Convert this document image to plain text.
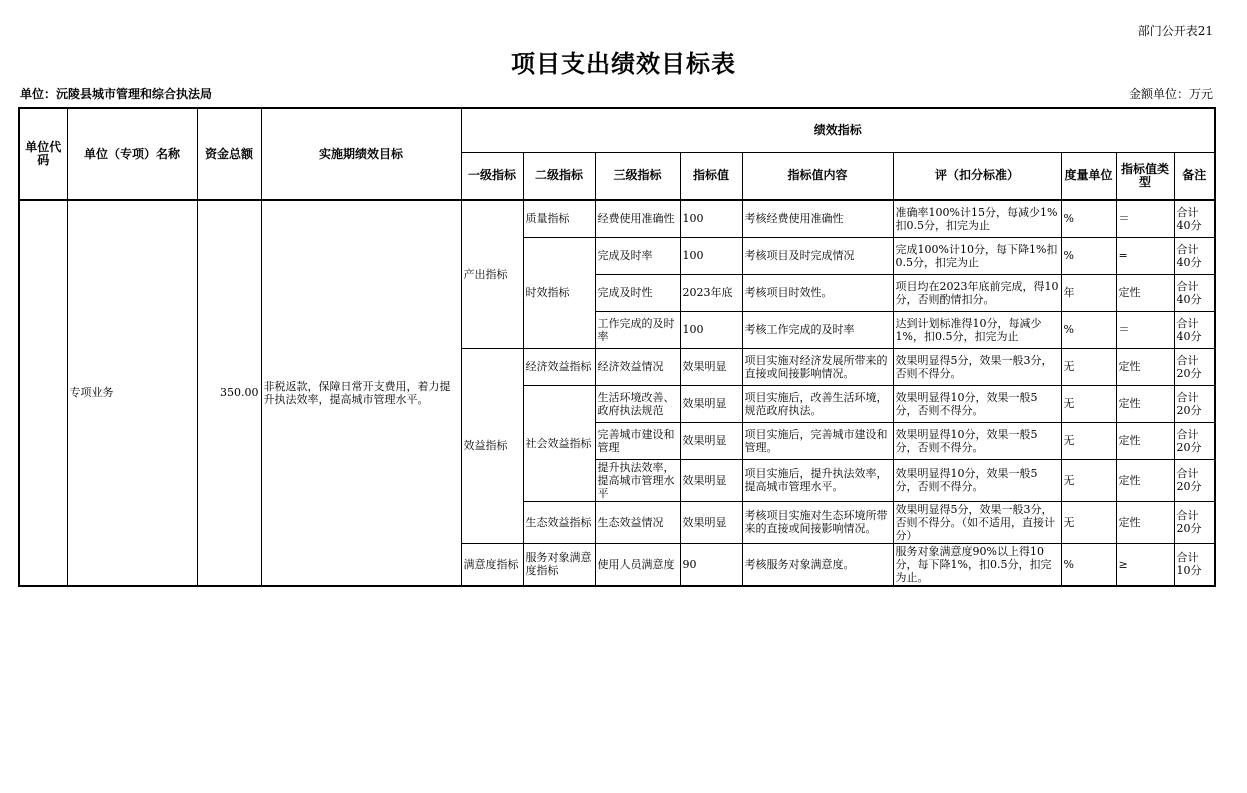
部门公开表21
项目支出绩效目标表
单位：沅陵县城市管理和综合执法局	金额单位：万元
单位代码	单位（专项）名称	资金总额	实施期绩效目标	绩效指标								
				一级指标	二级指标	三级指标	指标值	指标值内容	评（扣分标准）	度量单位	指标值类型	备注
	专项业务	350.00	非税返款，保障日常开支费用，着力提升执法效率，提高城市管理水平。	产出指标	质量指标	经费使用准确性	100	考核经费使用准确性	准确率100%计15分，每减少1%扣0.5分，扣完为止	%	＝	合计40分
					时效指标	完成及时率	100	考核项目及时完成情况	完成100%计10分，每下降1%扣0.5分，扣完为止	%	=	合计40分
						完成及时性	2023年底	考核项目时效性。	项目均在2023年底前完成，得10分，否则酌情扣分。	年	定性	合计40分
						工作完成的及时率	100	考核工作完成的及时率	达到计划标准得10分，每减少1%，扣0.5分，扣完为止	%	＝	合计40分
				效益指标	经济效益指标	经济效益情况	效果明显	项目实施对经济发展所带来的直接或间接影响情况。	效果明显得5分，效果一般3分，否则不得分。	无	定性	合计20分
					社会效益指标	生活环境改善、政府执法规范	效果明显	项目实施后，改善生活环境，规范政府执法。	效果明显得10分，效果一般5分，否则不得分。	无	定性	合计20分
						完善城市建设和管理	效果明显	项目实施后，完善城市建设和管理。	效果明显得10分，效果一般5分，否则不得分。	无	定性	合计20分
						提升执法效率，提高城市管理水平	效果明显	项目实施后，提升执法效率，提高城市管理水平。	效果明显得10分，效果一般5分，否则不得分。	无	定性	合计20分
					生态效益指标	生态效益情况	效果明显	考核项目实施对生态环境所带来的直接或间接影响情况。	效果明显得5分，效果一般3分，否则不得分。（如不适用，直接计分）	无	定性	合计20分
				满意度指标	服务对象满意度指标	使用人员满意度	90	考核服务对象满意度。	服务对象满意度90%以上得10分，每下降1%，扣0.5分，扣完为止。	%	≥	合计10分
